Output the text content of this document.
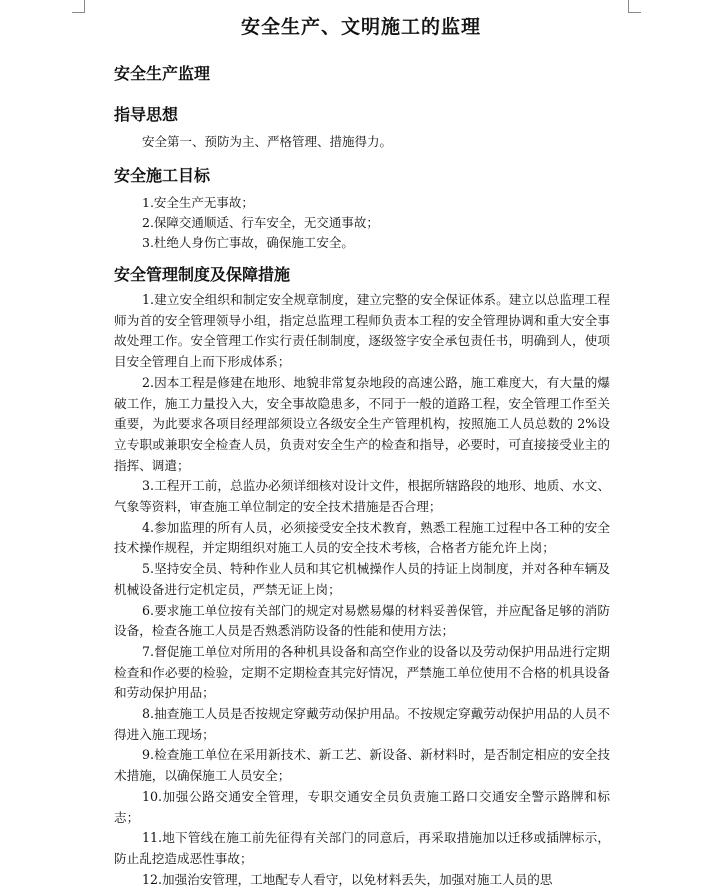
安全生产、文明施工的监理
安全生产监理
指导思想
安全第一、预防为主、严格管理、措施得力。
安全施工目标
1.安全生产无事故；
2.保障交通顺适、行车安全，无交通事故；
3.杜绝人身伤亡事故，确保施工安全。
安全管理制度及保障措施

1.建立安全组织和制定安全规章制度，建立完整的安全保证体系。建立以总监理工程师为首的安全管理领导小组，指定总监理工程师负责本工程的安全管理协调和重大安全事故处理工作。安全管理工作实行责任制制度，逐级签字安全承包责任书，明确到人，使项目安全管理自上而下形成体系；

2.因本工程是修建在地形、地貌非常复杂地段的高速公路，施工难度大，有大量的爆破工作，施工力量投入大，安全事故隐患多，不同于一般的道路工程，安全管理工作至关重要，为此要求各项目经理部须设立各级安全生产管理机构，按照施工人员总数的 2%设立专职或兼职安全检查人员，负责对安全生产的检查和指导，必要时，可直接接受业主的指挥、调遣；

3.工程开工前，总监办必须详细核对设计文件，根据所辖路段的地形、地质、水文、气象等资料，审查施工单位制定的安全技术措施是否合理；

4.参加监理的所有人员，必须接受安全技术教育，熟悉工程施工过程中各工种的安全技术操作规程，并定期组织对施工人员的安全技术考核，合格者方能允许上岗；

5.坚持安全员、特种作业人员和其它机械操作人员的持证上岗制度，并对各种车辆及机械设备进行定机定员，严禁无证上岗；

6.要求施工单位按有关部门的规定对易燃易爆的材料妥善保管，并应配备足够的消防设备，检查各施工人员是否熟悉消防设备的性能和使用方法；

7.督促施工单位对所用的各种机具设备和高空作业的设备以及劳动保护用品进行定期检查和作必要的检验，定期不定期检查其完好情况，严禁施工单位使用不合格的机具设备和劳动保护用品；

8.抽查施工人员是否按规定穿戴劳动保护用品。不按规定穿戴劳动保护用品的人员不得进入施工现场；

9.检查施工单位在采用新技术、新工艺、新设备、新材料时，是否制定相应的安全技术措施，以确保施工人员安全；

10.加强公路交通安全管理，专职交通安全员负责施工路口交通安全警示路牌和标志；

11.地下管线在施工前先征得有关部门的同意后，再采取措施加以迁移或插牌标示，防止乱挖造成恶性事故；

12.加强治安管理，工地配专人看守，以免材料丢失，加强对施工人员的思
